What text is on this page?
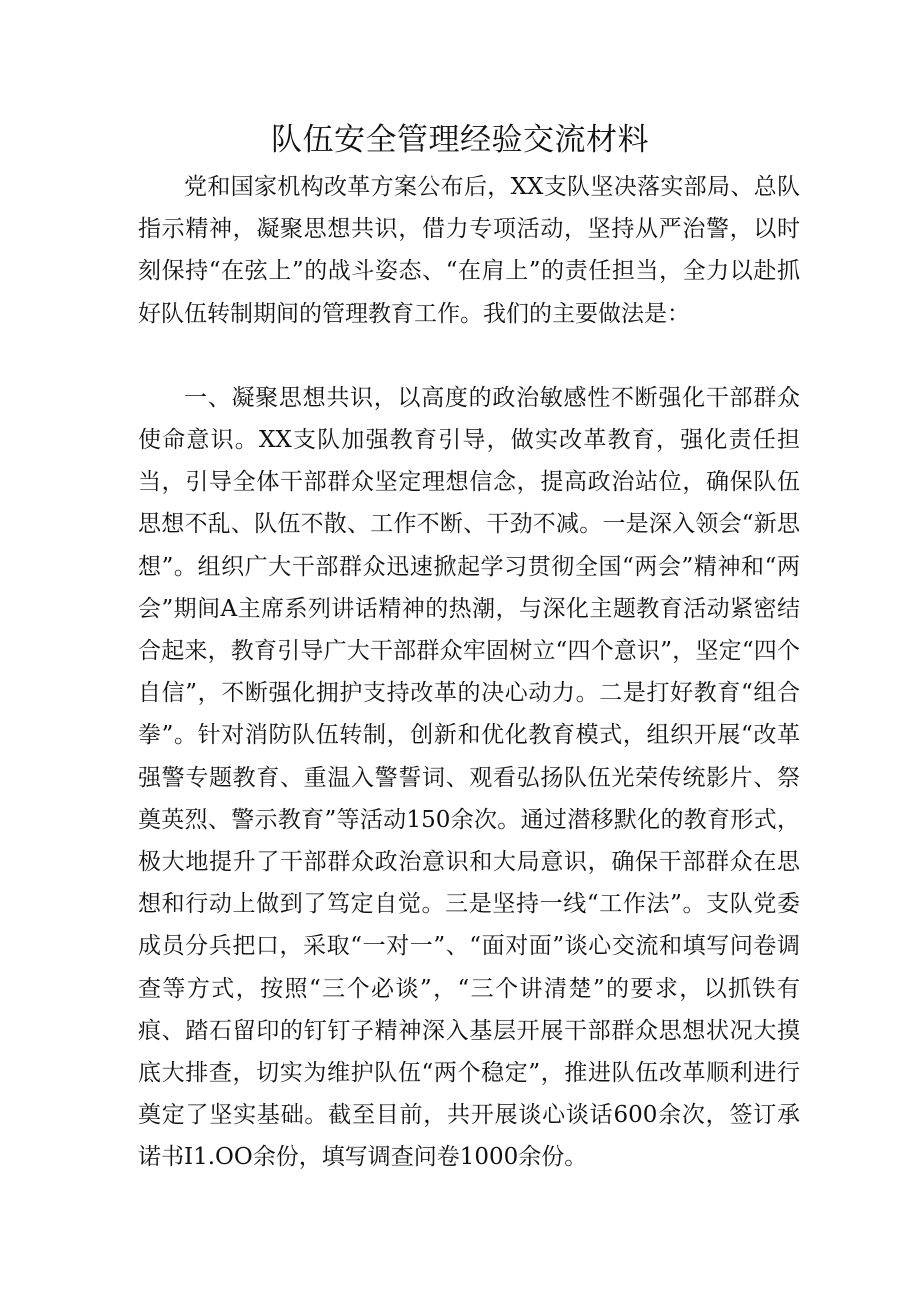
队伍安全管理经验交流材料

党和国家机构改革方案公布后，XX支队坚决落实部局、总队指示精神，凝聚思想共识，借力专项活动，坚持从严治警，以时刻保持“在弦上”的战斗姿态、“在肩上”的责任担当，全力以赴抓好队伍转制期间的管理教育工作。我们的主要做法是：

一、凝聚思想共识，以高度的政治敏感性不断强化干部群众使命意识。XX支队加强教育引导，做实改革教育，强化责任担当，引导全体干部群众坚定理想信念，提高政治站位，确保队伍思想不乱、队伍不散、工作不断、干劲不减。一是深入领会“新思想”。组织广大干部群众迅速掀起学习贯彻全国“两会”精神和“两会”期间A主席系列讲话精神的热潮，与深化主题教育活动紧密结合起来，教育引导广大干部群众牢固树立“四个意识”，坚定“四个自信”，不断强化拥护支持改革的决心动力。二是打好教育“组合拳”。针对消防队伍转制，创新和优化教育模式，组织开展“改革强警专题教育、重温入警誓词、观看弘扬队伍光荣传统影片、祭奠英烈、警示教育”等活动150余次。通过潜移默化的教育形式，极大地提升了干部群众政治意识和大局意识，确保干部群众在思想和行动上做到了笃定自觉。三是坚持一线“工作法”。支队党委成员分兵把口，采取“一对一”、“面对面”谈心交流和填写问卷调查等方式，按照“三个必谈”，“三个讲清楚”的要求，以抓铁有痕、踏石留印的钉钉子精神深入基层开展干部群众思想状况大摸底大排查，切实为维护队伍“两个稳定”，推进队伍改革顺利进行奠定了坚实基础。截至目前，共开展谈心谈话600余次，签订承诺书I1.OO余份，填写调查问卷1000余份。
